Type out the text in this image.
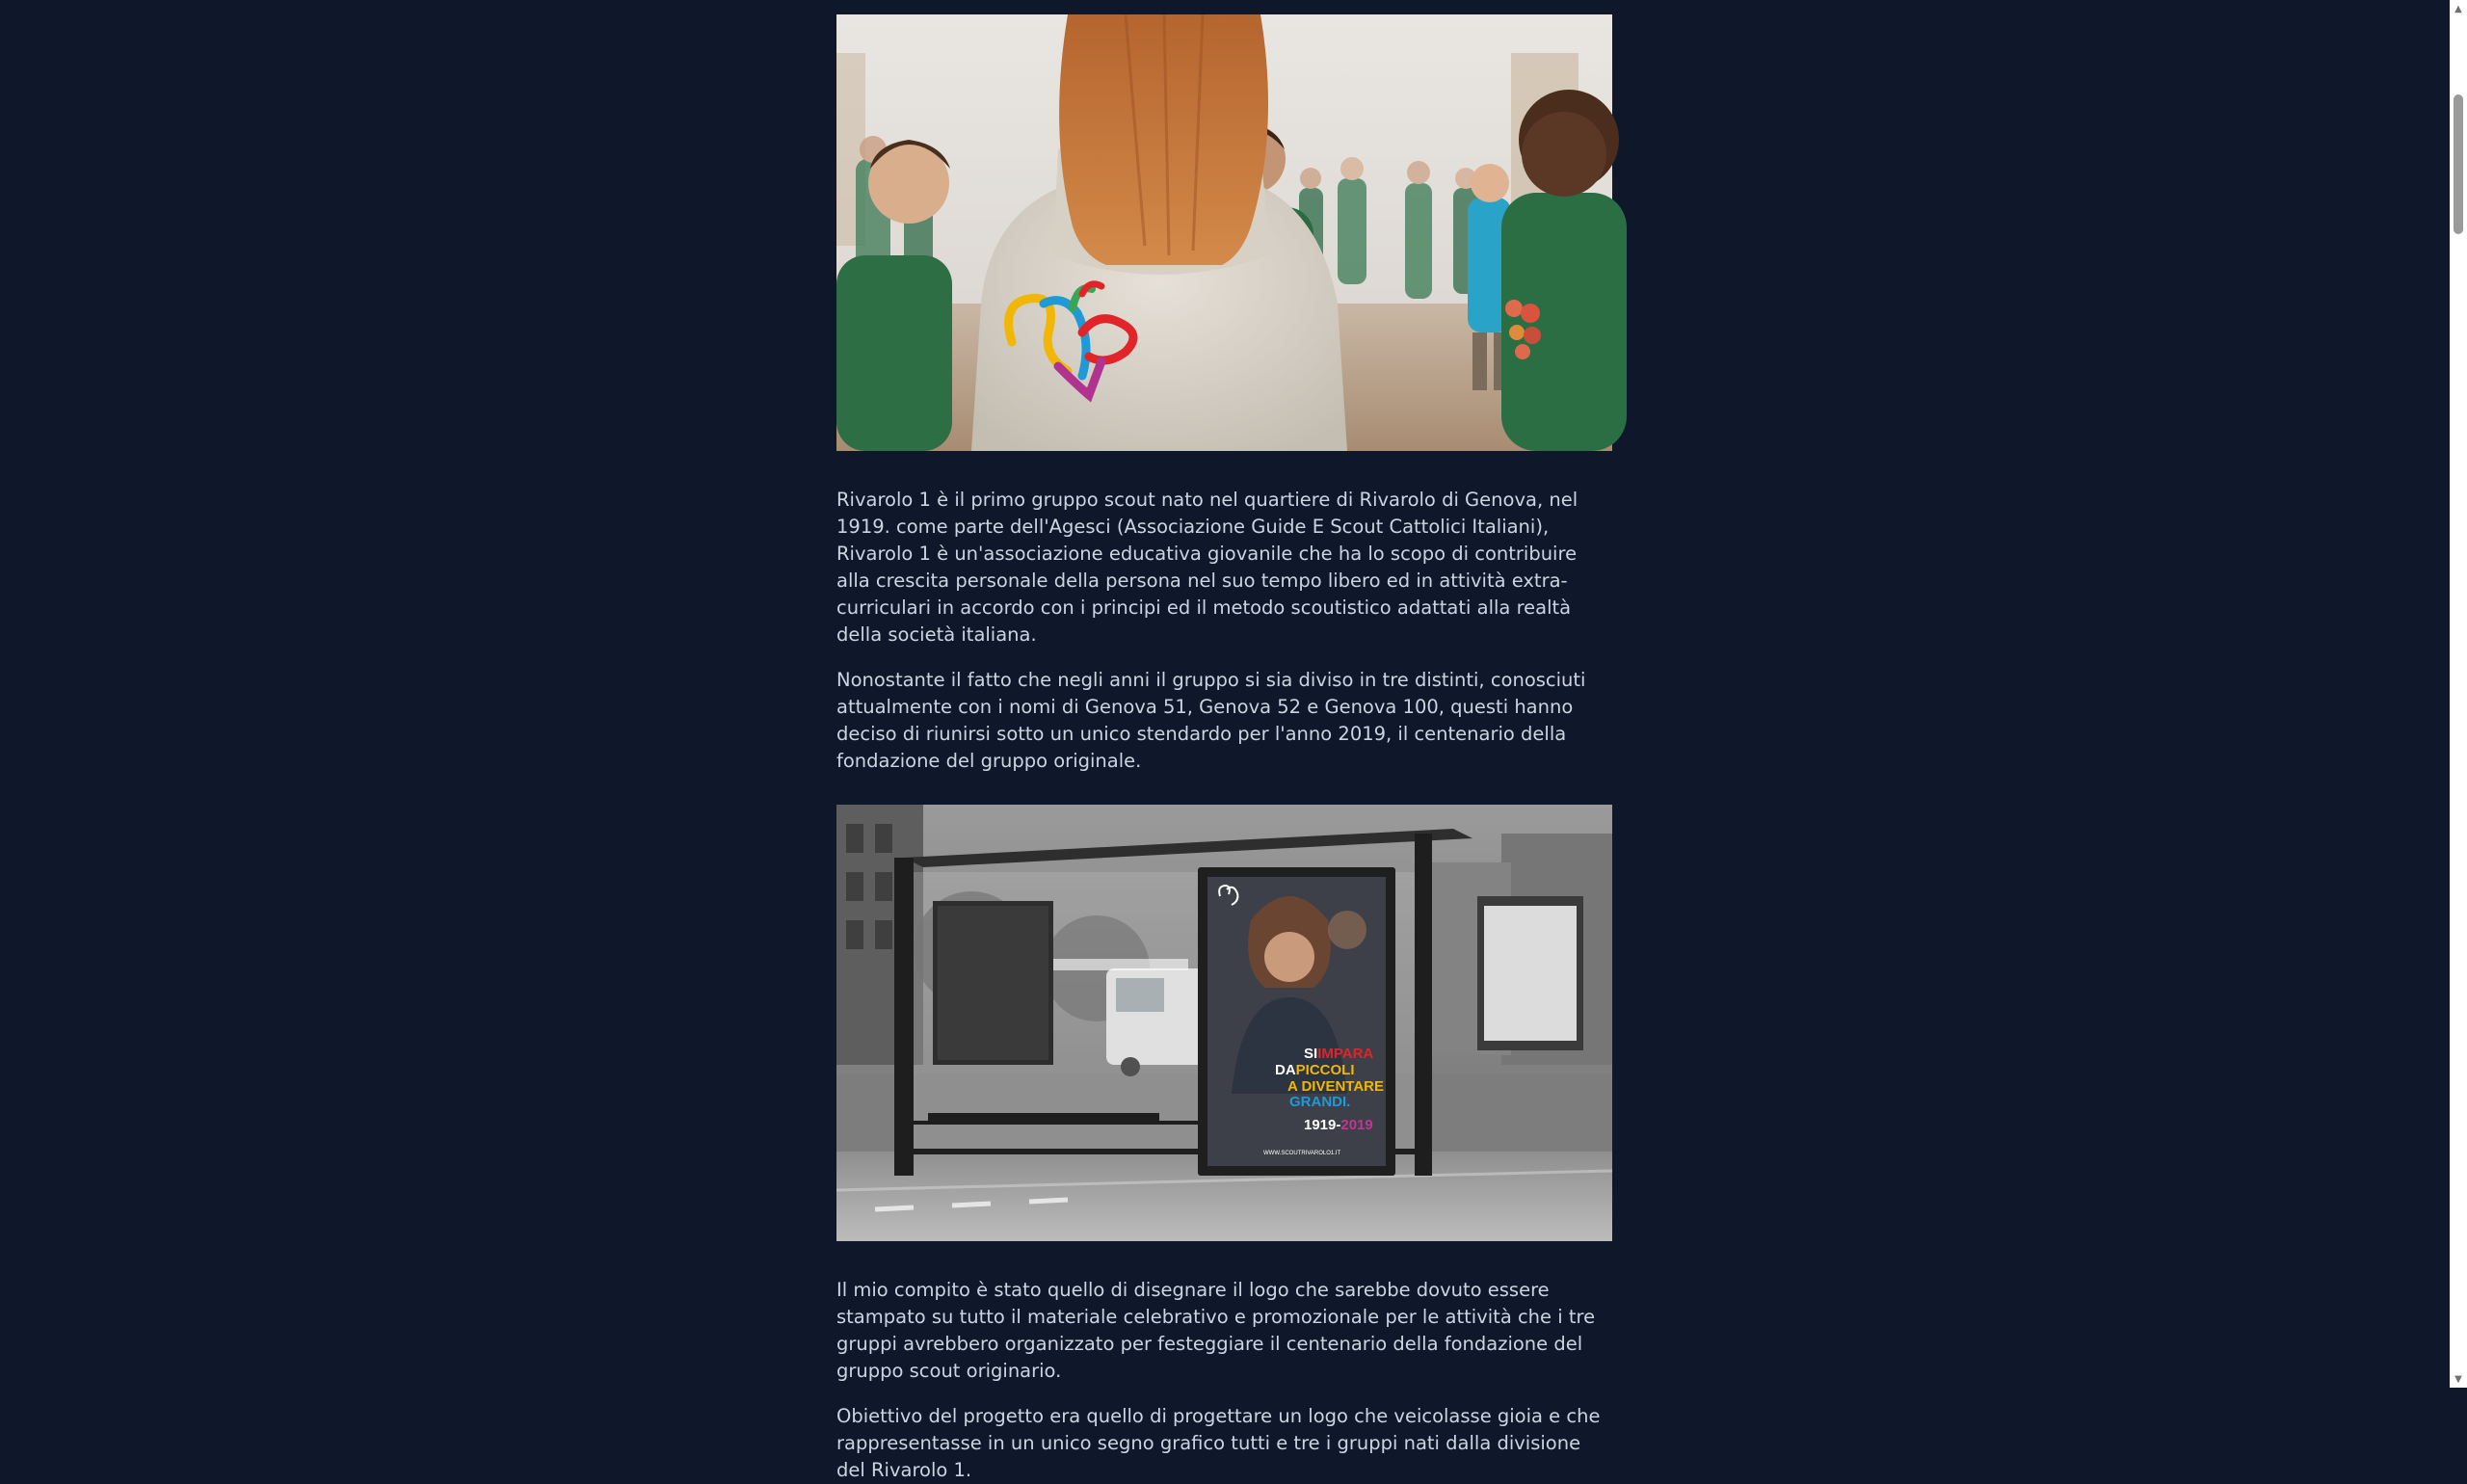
Rivarolo 1 è il primo gruppo scout nato nel quartiere di Rivarolo di Genova, nel 1919. come parte dell'Agesci (Associazione Guide E Scout Cattolici Italiani), Rivarolo 1 è un'associazione educativa giovanile che ha lo scopo di contribuire alla crescita personale della persona nel suo tempo libero ed in attività extra-curriculari in accordo con i principi ed il metodo scoutistico adattati alla realtà della società italiana.

Nonostante il fatto che negli anni il gruppo si sia diviso in tre distinti, conosciuti attualmente con i nomi di Genova 51, Genova 52 e Genova 100, questi hanno deciso di riunirsi sotto un unico stendardo per l'anno 2019, il centenario della fondazione del gruppo originale.

SIIMPARA
DAPICCOLI
A DIVENTARE
GRANDI.
1919-2019
WWW.SCOUTRIVAROLO1.IT

Il mio compito è stato quello di disegnare il logo che sarebbe dovuto essere stampato su tutto il materiale celebrativo e promozionale per le attività che i tre gruppi avrebbero organizzato per festeggiare il centenario della fondazione del gruppo scout originario.

Obiettivo del progetto era quello di progettare un logo che veicolasse gioia e che rappresentasse in un unico segno grafico tutti e tre i gruppi nati dalla divisione del Rivarolo 1.

▲
▼
